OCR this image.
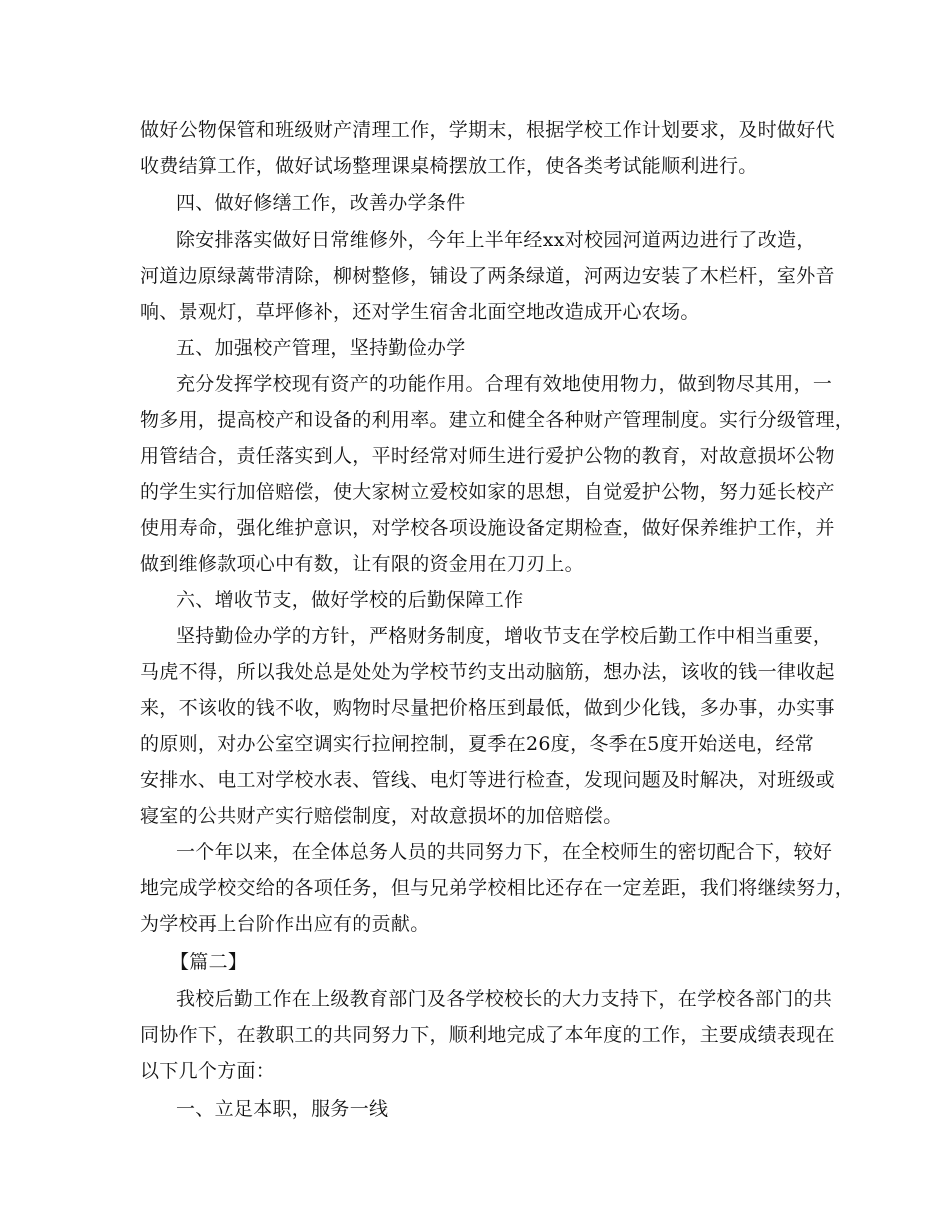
做好公物保管和班级财产清理工作，学期末，根据学校工作计划要求，及时做好代
收费结算工作，做好试场整理课桌椅摆放工作，使各类考试能顺利进行。
四、做好修缮工作，改善办学条件
除安排落实做好日常维修外，今年上半年经xx对校园河道两边进行了改造，
河道边原绿蓠带清除，柳树整修，铺设了两条绿道，河两边安装了木栏杆，室外音
响、景观灯，草坪修补，还对学生宿舍北面空地改造成开心农场。
五、加强校产管理，坚持勤俭办学
充分发挥学校现有资产的功能作用。合理有效地使用物力，做到物尽其用，一
物多用，提高校产和设备的利用率。建立和健全各种财产管理制度。实行分级管理，
用管结合，责任落实到人，平时经常对师生进行爱护公物的教育，对故意损坏公物
的学生实行加倍赔偿，使大家树立爱校如家的思想，自觉爱护公物，努力延长校产
使用寿命，强化维护意识，对学校各项设施设备定期检查，做好保养维护工作，并
做到维修款项心中有数，让有限的资金用在刀刃上。
六、增收节支，做好学校的后勤保障工作
坚持勤俭办学的方针，严格财务制度，增收节支在学校后勤工作中相当重要，
马虎不得，所以我处总是处处为学校节约支出动脑筋，想办法，该收的钱一律收起
来，不该收的钱不收，购物时尽量把价格压到最低，做到少化钱，多办事，办实事
的原则，对办公室空调实行拉闸控制，夏季在26度，冬季在5度开始送电，经常
安排水、电工对学校水表、管线、电灯等进行检查，发现问题及时解决，对班级或
寝室的公共财产实行赔偿制度，对故意损坏的加倍赔偿。
一个年以来，在全体总务人员的共同努力下，在全校师生的密切配合下，较好
地完成学校交给的各项任务，但与兄弟学校相比还存在一定差距，我们将继续努力，
为学校再上台阶作出应有的贡献。
【篇二】
我校后勤工作在上级教育部门及各学校校长的大力支持下，在学校各部门的共
同协作下，在教职工的共同努力下，顺利地完成了本年度的工作，主要成绩表现在
以下几个方面：
一、立足本职，服务一线
